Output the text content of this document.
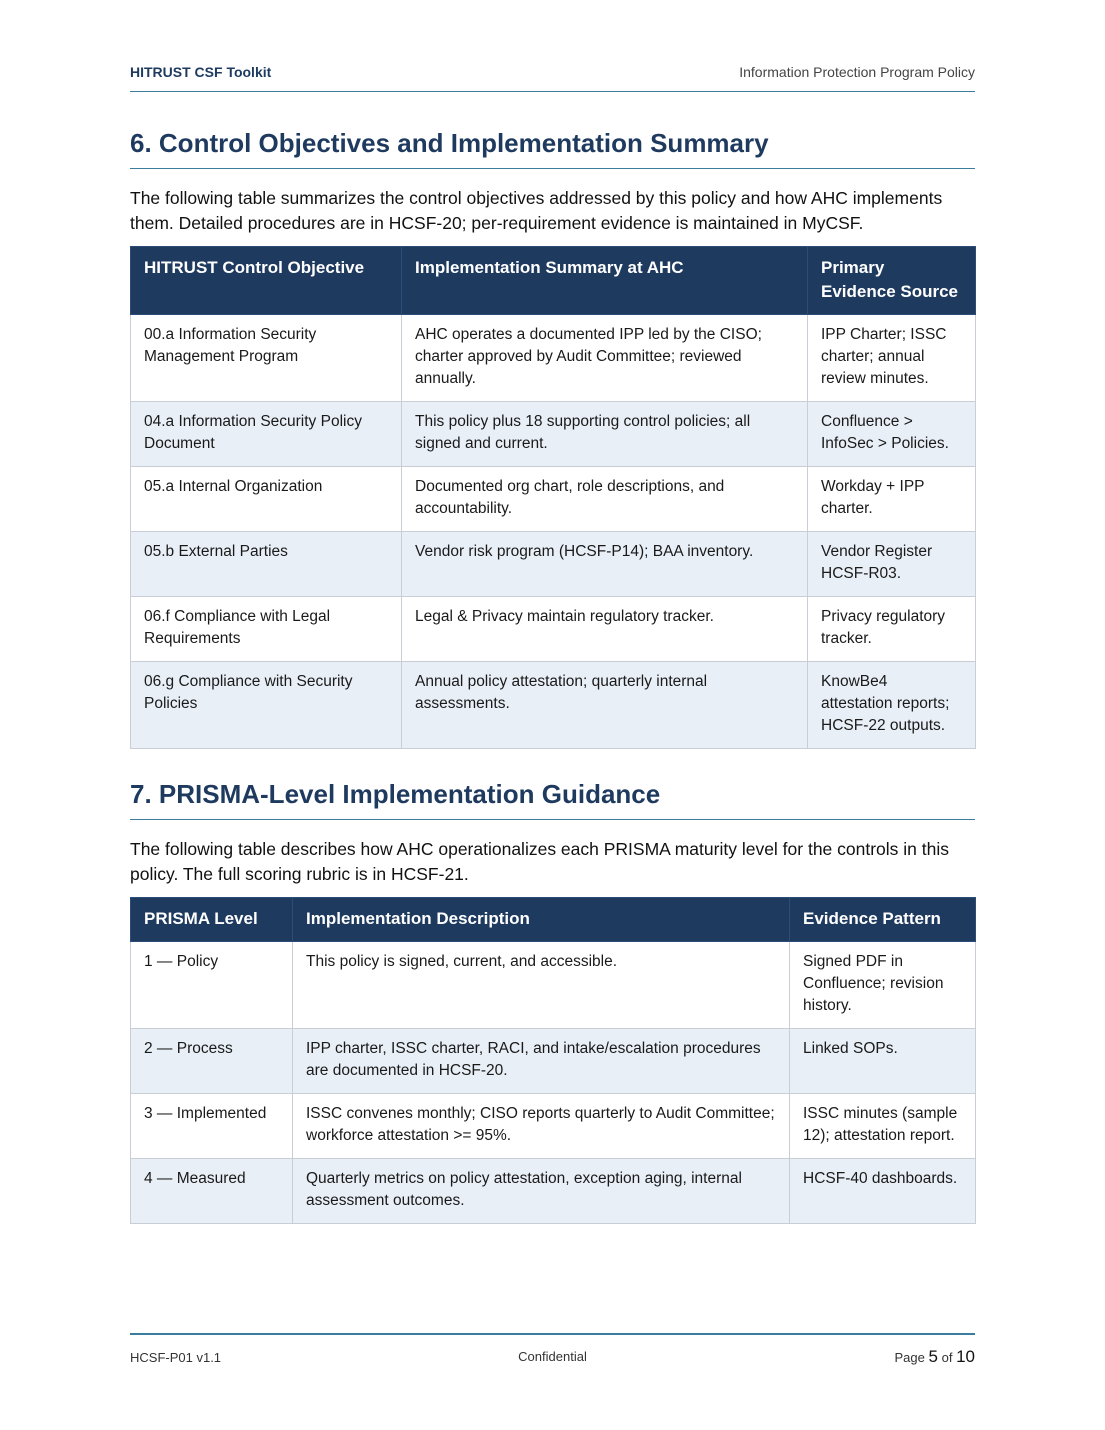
HITRUST CSF Toolkit	Information Protection Program Policy
6. Control Objectives and Implementation Summary

The following table summarizes the control objectives addressed by this policy and how AHC implements them. Detailed procedures are in HCSF-20; per-requirement evidence is maintained in MyCSF.

HITRUST Control Objective	Implementation Summary at AHC	Primary Evidence Source
00.a Information Security Management Program	AHC operates a documented IPP led by the CISO; charter approved by Audit Committee; reviewed annually.	IPP Charter; ISSC charter; annual review minutes.
04.a Information Security Policy Document	This policy plus 18 supporting control policies; all signed and current.	Confluence > InfoSec > Policies.
05.a Internal Organization	Documented org chart, role descriptions, and accountability.	Workday + IPP charter.
05.b External Parties	Vendor risk program (HCSF-P14); BAA inventory.	Vendor Register HCSF-R03.
06.f Compliance with Legal Requirements	Legal & Privacy maintain regulatory tracker.	Privacy regulatory tracker.
06.g Compliance with Security Policies	Annual policy attestation; quarterly internal assessments.	KnowBe4 attestation reports; HCSF-22 outputs.
7. PRISMA-Level Implementation Guidance

The following table describes how AHC operationalizes each PRISMA maturity level for the controls in this policy. The full scoring rubric is in HCSF-21.

PRISMA Level	Implementation Description	Evidence Pattern
1 — Policy	This policy is signed, current, and accessible.	Signed PDF in Confluence; revision history.
2 — Process	IPP charter, ISSC charter, RACI, and intake/escalation procedures are documented in HCSF-20.	Linked SOPs.
3 — Implemented	ISSC convenes monthly; CISO reports quarterly to Audit Committee; workforce attestation >= 95%.	ISSC minutes (sample 12); attestation report.
4 — Measured	Quarterly metrics on policy attestation, exception aging, internal assessment outcomes.	HCSF-40 dashboards.
HCSF-P01 v1.1	Confidential	Page 5 of 10
